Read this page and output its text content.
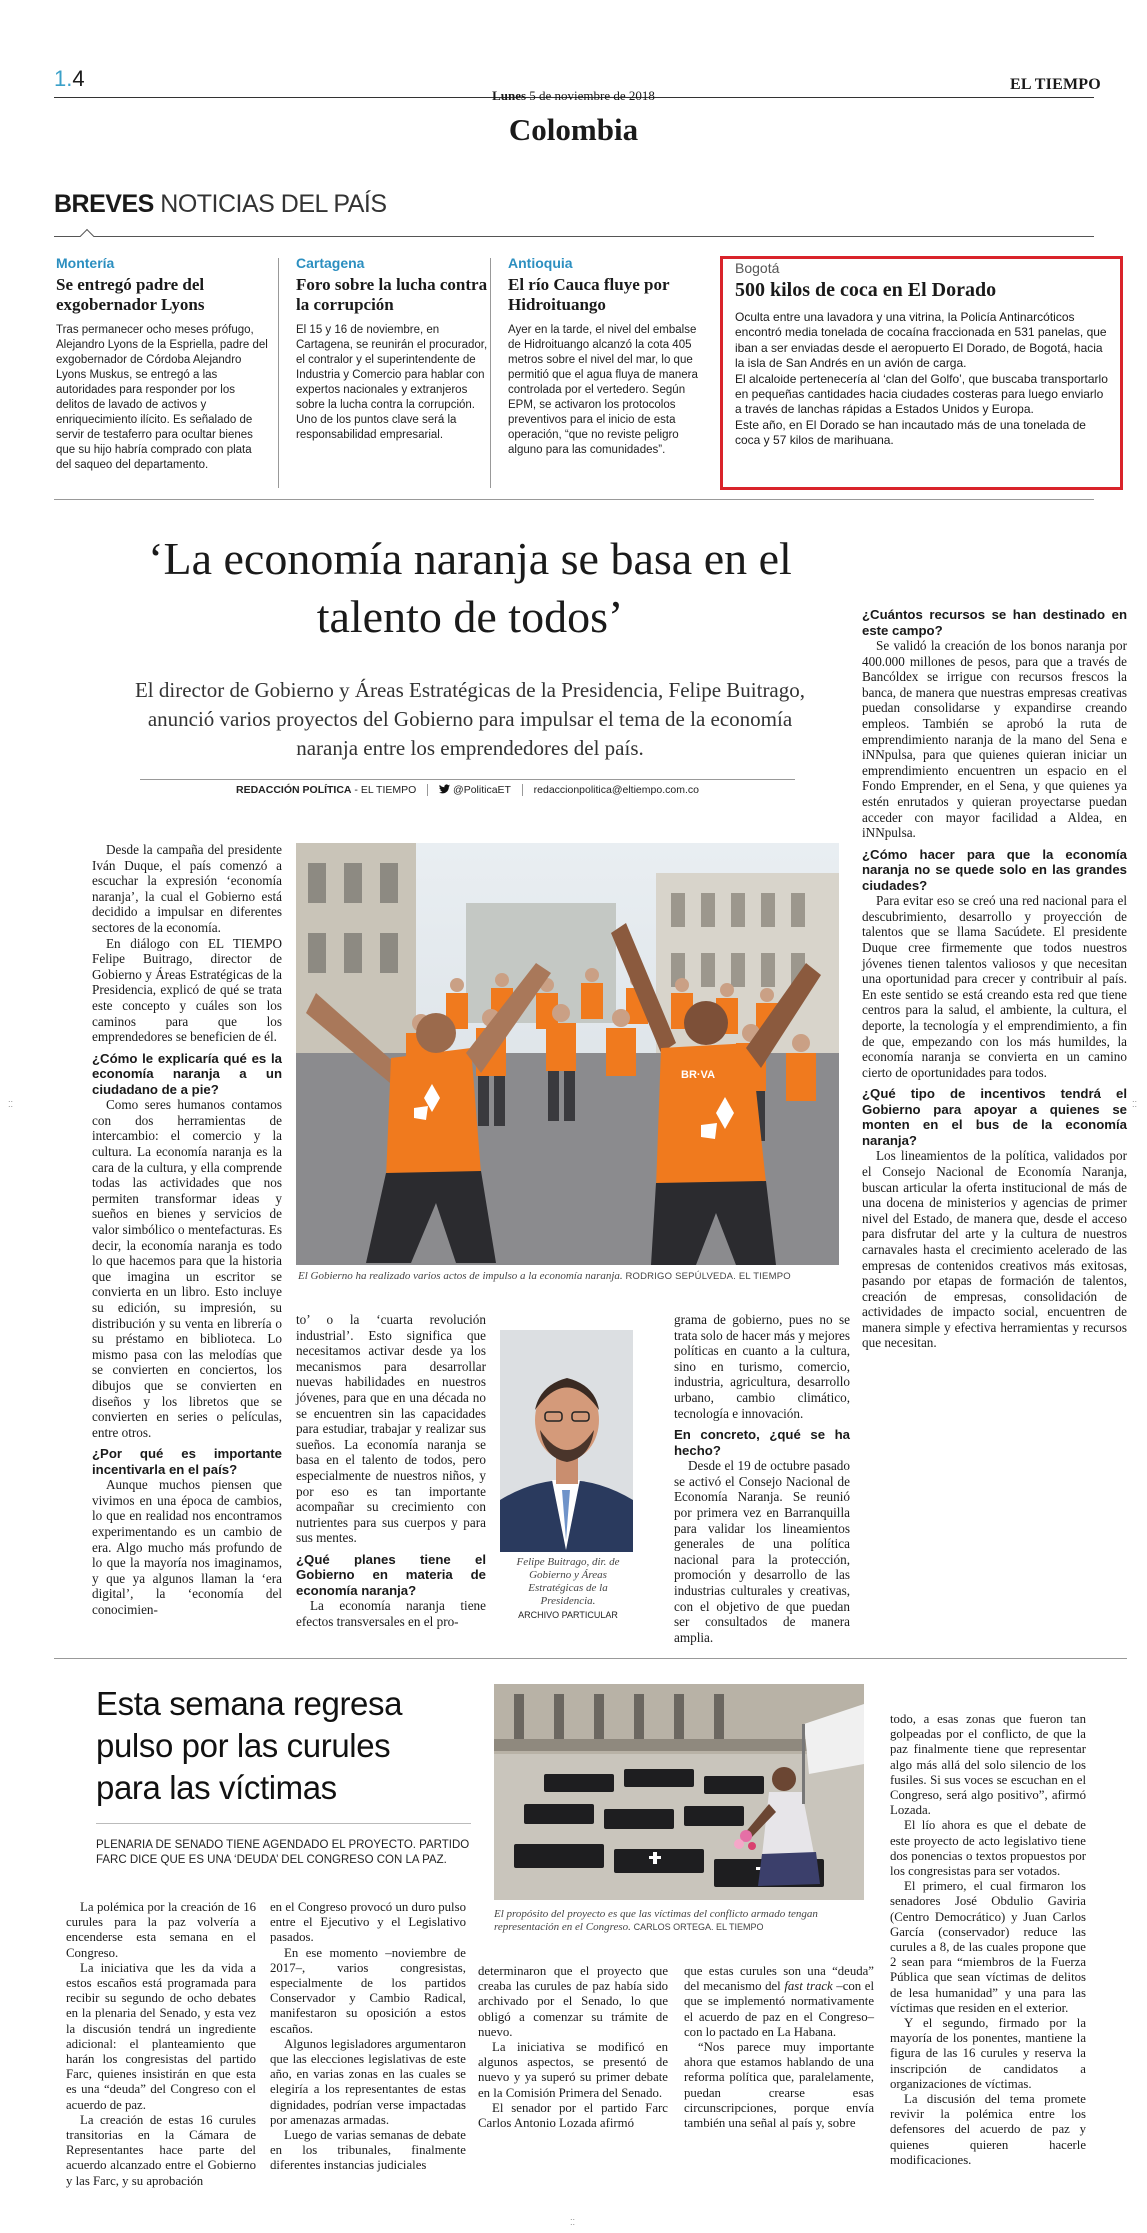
1.4
Lunes 5 de noviembre de 2018
EL TIEMPO
Colombia
BREVES NOTICIAS DEL PAÍS
Montería
Se entregó padre del exgobernador Lyons
Tras permanecer ocho meses prófugo, Alejandro Lyons de la Espriella, padre del exgobernador de Córdoba Alejandro Lyons Muskus, se entregó a las autoridades para responder por los delitos de lavado de activos y enriquecimiento ilícito. Es señalado de servir de testaferro para ocultar bienes que su hijo habría comprado con plata del saqueo del departamento.
Cartagena
Foro sobre la lucha contra la corrupción
El 15 y 16 de noviembre, en Cartagena, se reunirán el procurador, el contralor y el superintendente de Industria y Comercio para hablar con expertos nacionales y extranjeros sobre la lucha contra la corrupción. Uno de los puntos clave será la responsabilidad empresarial.
Antioquia
El río Cauca fluye por Hidroituango
Ayer en la tarde, el nivel del embalse de Hidroituango alcanzó la cota 405 metros sobre el nivel del mar, lo que permitió que el agua fluya de manera controlada por el vertedero. Según EPM, se activaron los protocolos preventivos para el inicio de esta operación, “que no reviste peligro alguno para las comunidades”.
Bogotá
500 kilos de coca en El Dorado
Oculta entre una lavadora y una vitrina, la Policía Antinarcóticos encontró media tonelada de cocaína fraccionada en 531 panelas, que iban a ser enviadas desde el aeropuerto El Dorado, de Bogotá, hacia la isla de San Andrés en un avión de carga.
El alcaloide pertenecería al ‘clan del Golfo’, que buscaba transportarlo en pequeñas cantidades hacia ciudades costeras para luego enviarlo a través de lanchas rápidas a Estados Unidos y Europa.
Este año, en El Dorado se han incautado más de una tonelada de coca y 57 kilos de marihuana.
‘La economía naranja se basa en el talento de todos’
El director de Gobierno y Áreas Estratégicas de la Presidencia, Felipe Buitrago, anunció varios proyectos del Gobierno para impulsar el tema de la economía naranja entre los emprendedores del país.
REDACCIÓN POLÍTICA - EL TIEMPO	@PoliticaET redaccionpolitica@eltiempo.com.co

Desde la campaña del presidente Iván Duque, el país comenzó a escuchar la expresión ‘economía naranja’, la cual el Gobierno está decidido a impulsar en diferentes sectores de la economía.

En diálogo con EL TIEMPO Felipe Buitrago, director de Gobierno y Áreas Estratégicas de la Presidencia, explicó de qué se trata este concepto y cuáles son los caminos para que los emprendedores se beneficien de él.

¿Cómo le explicaría qué es la economía naranja a un ciudadano de a pie?

Como seres humanos contamos con dos herramientas de intercambio: el comercio y la cultura. La economía naranja es la cara de la cultura, y ella comprende todas las actividades que nos permiten transformar ideas y sueños en bienes y servicios de valor simbólico o mentefacturas. Es decir, la economía naranja es todo lo que hacemos para que la historia que imagina un escritor se convierta en un libro. Esto incluye su edición, su impresión, su distribución y su venta en librería o su préstamo en biblioteca. Lo mismo pasa con las melodías que se convierten en conciertos, los dibujos que se convierten en diseños y los libretos que se convierten en series o películas, entre otros.

¿Por qué es importante incentivarla en el país?

Aunque muchos piensen que vivimos en una época de cambios, lo que en realidad nos encontramos experimentando es un cambio de era. Algo mucho más profundo de lo que la mayoría nos imaginamos, y que ya algunos llaman la ‘era digital’, la ‘economía del conocimien-

BR·VA
El Gobierno ha realizado varios actos de impulso a la economía naranja. RODRIGO SEPÚLVEDA. EL TIEMPO

to’ o la ‘cuarta revolución industrial’. Esto significa que necesitamos activar desde ya los mecanismos para desarrollar nuevas habilidades en nuestros jóvenes, para que en una década no se encuentren sin las capacidades para estudiar, trabajar y realizar sus sueños. La economía naranja se basa en el talento de todos, pero especialmente de nuestros niños, y por eso es tan importante acompañar su crecimiento con nutrientes para sus cuerpos y para sus mentes.

¿Qué planes tiene el Gobierno en materia de economía naranja?

La economía naranja tiene efectos transversales en el pro-

Felipe Buitrago, dir. de Gobierno y Áreas Estratégicas de la Presidencia.
ARCHIVO PARTICULAR

grama de gobierno, pues no se trata solo de hacer más y mejores políticas en cuanto a la cultura, sino en turismo, comercio, industria, agricultura, desarrollo urbano, cambio climático, tecnología e innovación.

En concreto, ¿qué se ha hecho?

Desde el 19 de octubre pasado se activó el Consejo Nacional de Economía Naranja. Se reunió por primera vez en Barranquilla para validar los lineamientos generales de una política nacional para la protección, promoción y desarrollo de las industrias culturales y creativas, con el objetivo de que puedan ser consultados de manera amplia.

¿Cuántos recursos se han destinado en este campo?

Se validó la creación de los bonos naranja por 400.000 millones de pesos, para que a través de Bancóldex se irrigue con recursos frescos la banca, de manera que nuestras empresas creativas puedan consolidarse y expandirse creando empleos. También se aprobó la ruta de emprendimiento naranja de la mano del Sena e iNNpulsa, para que quienes quieran iniciar un emprendimiento encuentren un espacio en el Fondo Emprender, en el Sena, y que quienes ya estén enrutados y quieran proyectarse puedan acceder con mayor facilidad a Aldea, en iNNpulsa.

¿Cómo hacer para que la economía naranja no se quede solo en las grandes ciudades?

Para evitar eso se creó una red nacional para el descubrimiento, desarrollo y proyección de talentos que se llama Sacúdete. El presidente Duque cree firmemente que todos nuestros jóvenes tienen talentos valiosos y que necesitan una oportunidad para crecer y contribuir al país. En este sentido se está creando esta red que tiene centros para la salud, el ambiente, la cultura, el deporte, la tecnología y el emprendimiento, a fin de que, empezando con los más humildes, la economía naranja se convierta en un camino cierto de oportunidades para todos.

¿Qué tipo de incentivos tendrá el Gobierno para apoyar a quienes se monten en el bus de la economía naranja?

Los lineamientos de la política, validados por el Consejo Nacional de Economía Naranja, buscan articular la oferta institucional de más de una docena de ministerios y agencias de primer nivel del Estado, de manera que, desde el acceso para disfrutar del arte y la cultura de nuestros carnavales hasta el crecimiento acelerado de las empresas de contenidos creativos más exitosas, pasando por etapas de formación de talentos, creación de empresas, consolidación de actividades de impacto social, encuentren de manera simple y efectiva herramientas y recursos que necesitan.

Esta semana regresa pulso por las curules para las víctimas
PLENARIA DE SENADO TIENE AGENDADO EL PROYECTO. PARTIDO FARC DICE QUE ES UNA ‘DEUDA’ DEL CONGRESO CON LA PAZ.
El propósito del proyecto es que las víctimas del conflicto armado tengan representación en el Congreso. CARLOS ORTEGA. EL TIEMPO

La polémica por la creación de 16 curules para la paz volvería a encenderse esta semana en el Congreso.

La iniciativa que les da vida a estos escaños está programada para recibir su segundo de ocho debates en la plenaria del Senado, y esta vez la discusión tendrá un ingrediente adicional: el planteamiento que harán los congresistas del partido Farc, quienes insistirán en que esta es una “deuda” del Congreso con el acuerdo de paz.

La creación de estas 16 curules transitorias en la Cámara de Representantes hace parte del acuerdo alcanzado entre el Gobierno y las Farc, y su aprobación

en el Congreso provocó un duro pulso entre el Ejecutivo y el Legislativo pasados.

En ese momento –noviembre de 2017–, varios congresistas, especialmente de los partidos Conservador y Cambio Radical, manifestaron su oposición a estos escaños.

Algunos legisladores argumentaron que las elecciones legislativas de este año, en varias zonas en las cuales se elegiría a los representantes de estas dignidades, podrían verse impactadas por amenazas armadas.

Luego de varias semanas de debate en los tribunales, finalmente diferentes instancias judiciales

determinaron que el proyecto que creaba las curules de paz había sido archivado por el Senado, lo que obligó a comenzar su trámite de nuevo.

La iniciativa se modificó en algunos aspectos, se presentó de nuevo y ya superó su primer debate en la Comisión Primera del Senado.

El senador por el partido Farc Carlos Antonio Lozada afirmó

que estas curules son una “deuda” del mecanismo del fast track –con el que se implementó normativamente el acuerdo de paz en el Congreso– con lo pactado en La Habana.

“Nos parece muy importante ahora que estamos hablando de una reforma política que, paralelamente, puedan crearse esas circunscripciones, porque envía también una señal al país y, sobre

todo, a esas zonas que fueron tan golpeadas por el conflicto, de que la paz finalmente tiene que representar algo más allá del solo silencio de los fusiles. Si sus voces se escuchan en el Congreso, será algo positivo”, afirmó Lozada.

El lío ahora es que el debate de este proyecto de acto legislativo tiene dos ponencias o textos propuestos por los congresistas para ser votados.

El primero, el cual firmaron los senadores José Obdulio Gaviria (Centro Democrático) y Juan Carlos García (conservador) reduce las curules a 8, de las cuales propone que 2 sean para “miembros de la Fuerza Pública que sean víctimas de delitos de lesa humanidad” y una para las víctimas que residen en el exterior.

Y el segundo, firmado por la mayoría de los ponentes, mantiene la figura de las 16 curules y reserva la inscripción de candidatos a organizaciones de víctimas.

La discusión del tema promete revivir la polémica entre los defensores del acuerdo de paz y quienes quieren hacerle modificaciones.

⁚⁚	⁚⁚
⁚⁚
